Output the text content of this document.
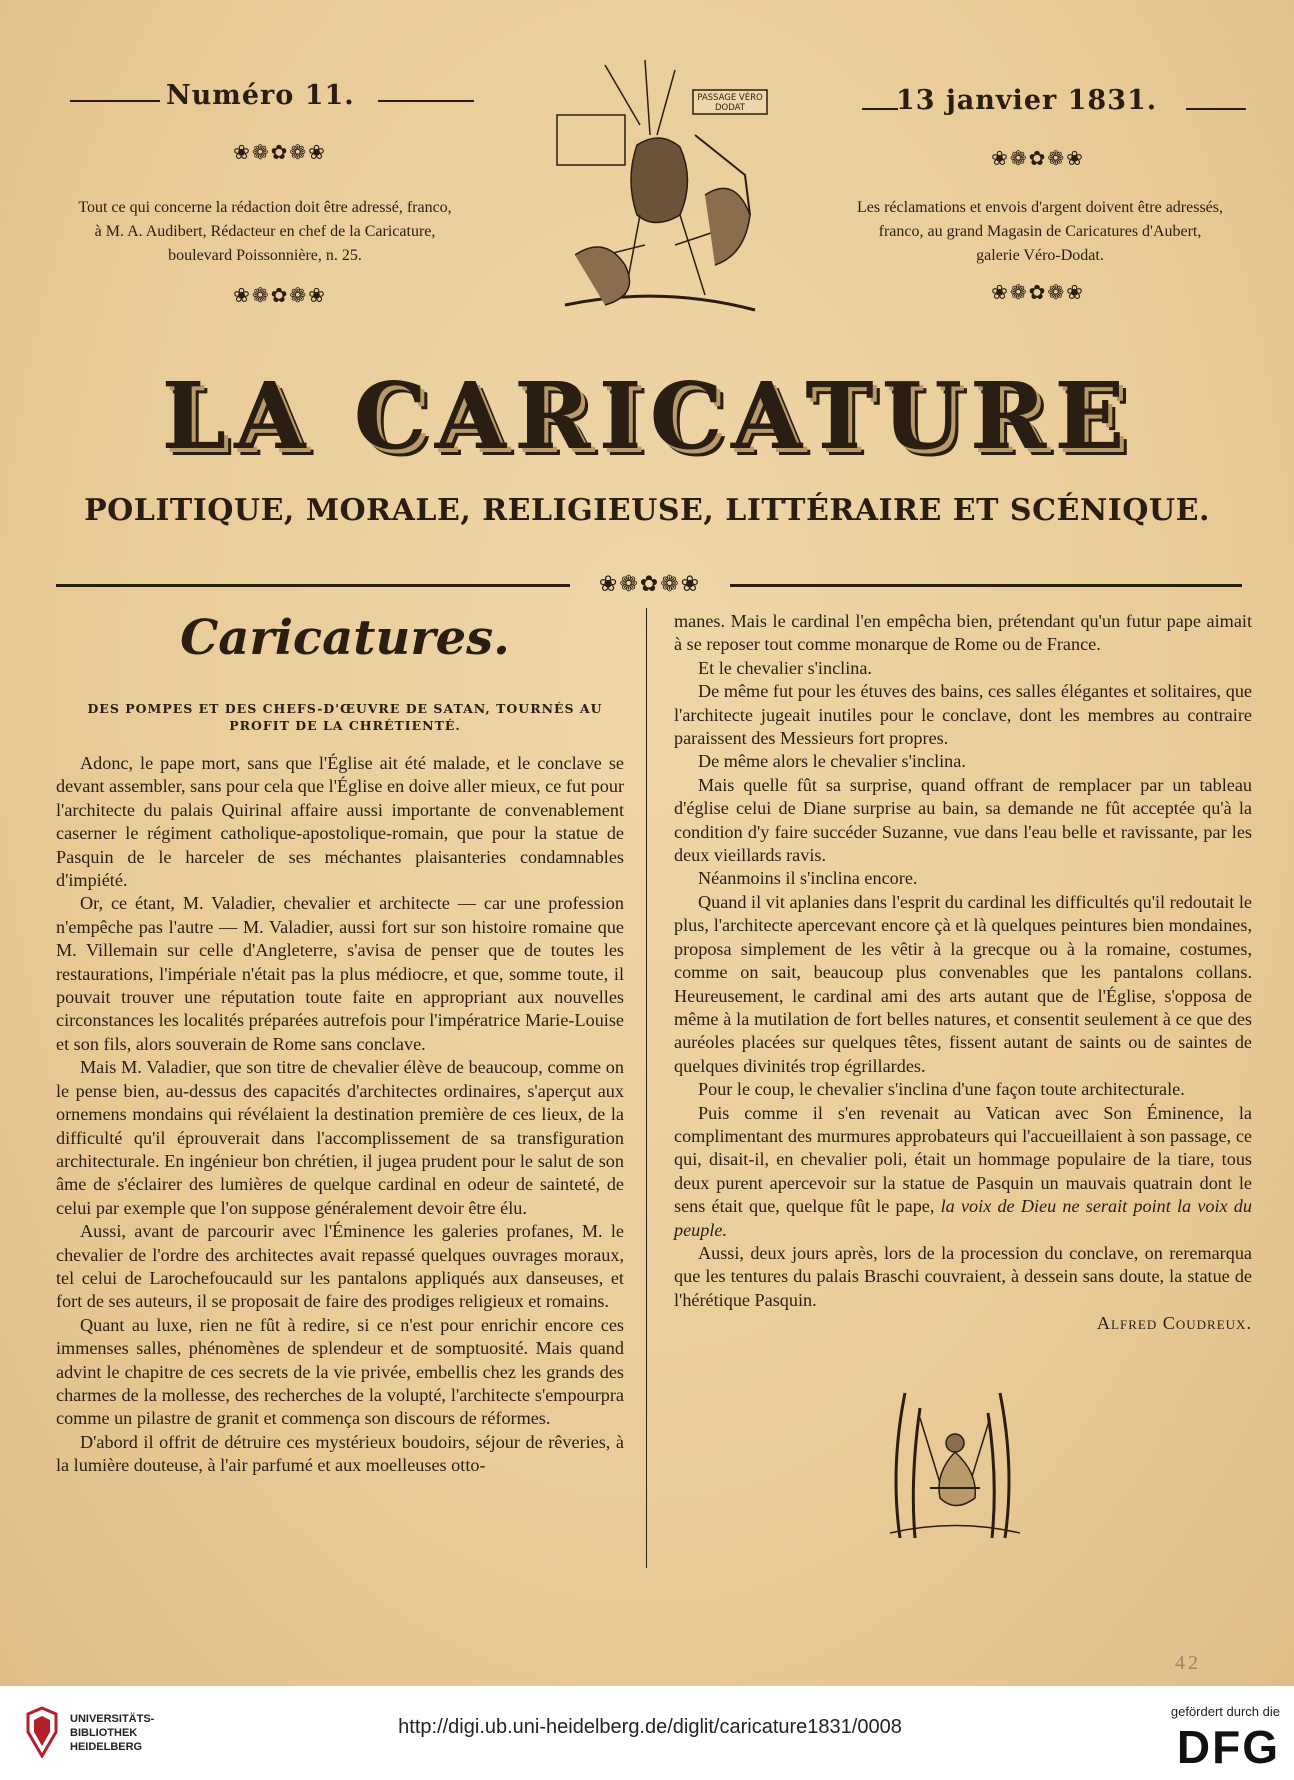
Numéro 11.
❀❁✿❁❀
Tout ce qui concerne la rédaction doit être adressé, franco,
à M. A. Audibert, Rédacteur en chef de la Caricature,
boulevard Poissonnière, n. 25.
❀❁✿❁❀
PASSAGE VÉRO DODAT	13 janvier 1831.
❀❁✿❁❀
Les réclamations et envois d'argent doivent être adressés,
franco, au grand Magasin de Caricatures d'Aubert,
galerie Véro-Dodat.
❀❁✿❁❀
LA CARICATURE
POLITIQUE, MORALE, RELIGIEUSE, LITTÉRAIRE ET SCÉNIQUE.
❀❁✿❁❀
Caricatures.
DES POMPES ET DES CHEFS-D'ŒUVRE DE SATAN, TOURNÉS AU PROFIT DE LA CHRÉTIENTÉ.

Adonc, le pape mort, sans que l'Église ait été malade, et le conclave se devant assembler, sans pour cela que l'Église en doive aller mieux, ce fut pour l'architecte du palais Quirinal affaire aussi importante de convenablement caserner le régiment catholique-apostolique-romain, que pour la statue de Pasquin de le harceler de ses méchantes plaisanteries condamnables d'impiété.

Or, ce étant, M. Valadier, chevalier et architecte — car une profession n'empêche pas l'autre — M. Valadier, aussi fort sur son histoire romaine que M. Villemain sur celle d'Angleterre, s'avisa de penser que de toutes les restaurations, l'impériale n'était pas la plus médiocre, et que, somme toute, il pouvait trouver une réputation toute faite en appropriant aux nouvelles circonstances les localités préparées autrefois pour l'impératrice Marie-Louise et son fils, alors souverain de Rome sans conclave.

Mais M. Valadier, que son titre de chevalier élève de beaucoup, comme on le pense bien, au-dessus des capacités d'architectes ordinaires, s'aperçut aux ornemens mondains qui révélaient la destination première de ces lieux, de la difficulté qu'il éprouverait dans l'accomplissement de sa transfiguration architecturale. En ingénieur bon chrétien, il jugea prudent pour le salut de son âme de s'éclairer des lumières de quelque cardinal en odeur de sainteté, de celui par exemple que l'on suppose généralement devoir être élu.

Aussi, avant de parcourir avec l'Éminence les galeries profanes, M. le chevalier de l'ordre des architectes avait repassé quelques ouvrages moraux, tel celui de Larochefoucauld sur les pantalons appliqués aux danseuses, et fort de ses auteurs, il se proposait de faire des prodiges religieux et romains.

Quant au luxe, rien ne fût à redire, si ce n'est pour enrichir encore ces immenses salles, phénomènes de splendeur et de somptuosité. Mais quand advint le chapitre de ces secrets de la vie privée, embellis chez les grands des charmes de la mollesse, des recherches de la volupté, l'architecte s'empourpra comme un pilastre de granit et commença son discours de réformes.

D'abord il offrit de détruire ces mystérieux boudoirs, séjour de rêveries, à la lumière douteuse, à l'air parfumé et aux moelleuses otto-

manes. Mais le cardinal l'en empêcha bien, prétendant qu'un futur pape aimait à se reposer tout comme monarque de Rome ou de France.

Et le chevalier s'inclina.

De même fut pour les étuves des bains, ces salles élégantes et solitaires, que l'architecte jugeait inutiles pour le conclave, dont les membres au contraire paraissent des Messieurs fort propres.

De même alors le chevalier s'inclina.

Mais quelle fût sa surprise, quand offrant de remplacer par un tableau d'église celui de Diane surprise au bain, sa demande ne fût acceptée qu'à la condition d'y faire succéder Suzanne, vue dans l'eau belle et ravissante, par les deux vieillards ravis.

Néanmoins il s'inclina encore.

Quand il vit aplanies dans l'esprit du cardinal les difficultés qu'il redoutait le plus, l'architecte apercevant encore çà et là quelques peintures bien mondaines, proposa simplement de les vêtir à la grecque ou à la romaine, costumes, comme on sait, beaucoup plus convenables que les pantalons collans. Heureusement, le cardinal ami des arts autant que de l'Église, s'opposa de même à la mutilation de fort belles natures, et consentit seulement à ce que des auréoles placées sur quelques têtes, fissent autant de saints ou de saintes de quelques divinités trop égrillardes.

Pour le coup, le chevalier s'inclina d'une façon toute architecturale.

Puis comme il s'en revenait au Vatican avec Son Éminence, la complimentant des murmures approbateurs qui l'accueillaient à son passage, ce qui, disait-il, en chevalier poli, était un hommage populaire de la tiare, tous deux purent apercevoir sur la statue de Pasquin un mauvais quatrain dont le sens était que, quelque fût le pape, la voix de Dieu ne serait point la voix du peuple.

Aussi, deux jours après, lors de la procession du conclave, on reremarqua que les tentures du palais Braschi couvraient, à dessein sans doute, la statue de l'hérétique Pasquin.

Alfred Coudreux.
42
UNIVERSITÄTS-
BIBLIOTHEK
HEIDELBERG
http://digi.ub.uni-heidelberg.de/diglit/caricature1831/0008
gefördert durch die
DFG
